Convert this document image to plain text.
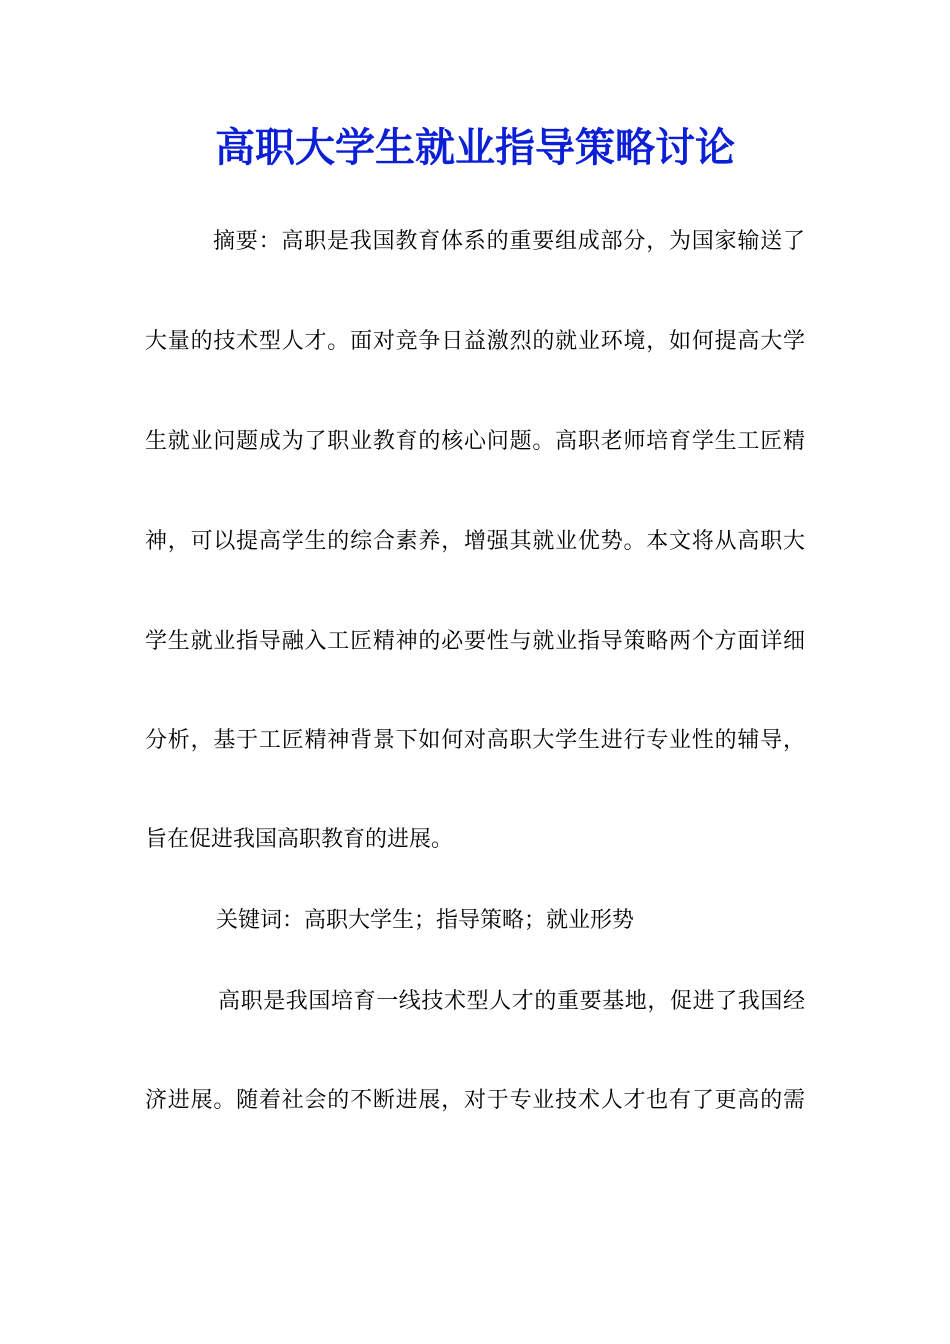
高职大学生就业指导策略讨论
摘要：高职是我国教育体系的重要组成部分，为国家输送了
大量的技术型人才。面对竞争日益激烈的就业环境，如何提高大学
生就业问题成为了职业教育的核心问题。高职老师培育学生工匠精
神，可以提高学生的综合素养，增强其就业优势。本文将从高职大
学生就业指导融入工匠精神的必要性与就业指导策略两个方面详细
分析，基于工匠精神背景下如何对高职大学生进行专业性的辅导，
旨在促进我国高职教育的进展。
关键词：高职大学生；指导策略；就业形势
高职是我国培育一线技术型人才的重要基地，促进了我国经
济进展。随着社会的不断进展，对于专业技术人才也有了更高的需
